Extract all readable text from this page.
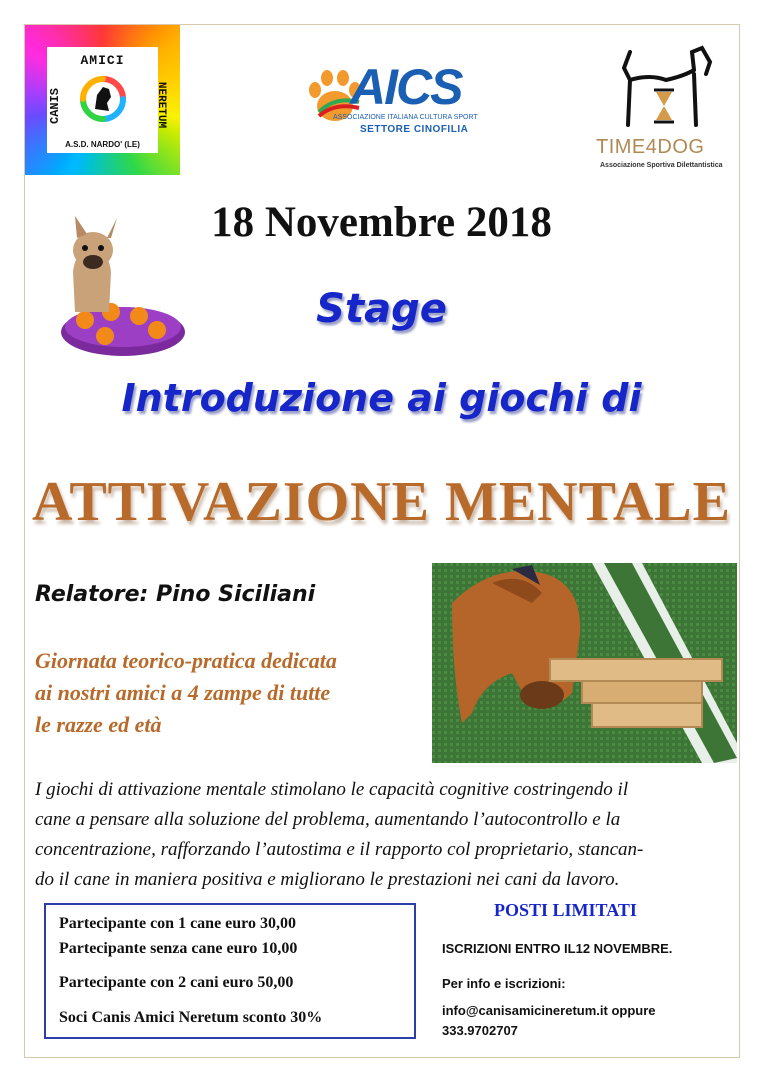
AMICI
CANIS	NERETUM
A.S.D. NARDO' (LE)
AICS
ASSOCIAZIONE ITALIANA CULTURA SPORT
SETTORE CINOFILIA
TIME4DOG
Associazione Sportiva Dilettantistica
18 Novembre 2018
Stage
Introduzione ai giochi di
ATTIVAZIONE MENTALE
Relatore: Pino Siciliani
Giornata teorico-pratica dedicata
ai nostri amici a 4 zampe di tutte
le razze ed età
I giochi di attivazione mentale stimolano le capacità cognitive costringendo il
cane a pensare alla soluzione del problema, aumentando l’autocontrollo e la
concentrazione, rafforzando l’autostima e il rapporto col proprietario, stancan-
do il cane in maniera positiva e migliorano le prestazioni nei cani da lavoro.
Partecipante con 1 cane euro 30,00
Partecipante senza cane euro 10,00
Partecipante con 2 cani euro 50,00
Soci Canis Amici Neretum sconto 30%
POSTI LIMITATI
ISCRIZIONI ENTRO IL12 NOVEMBRE.
Per info e iscrizioni:
info@canisamicineretum.it oppure
333.9702707
